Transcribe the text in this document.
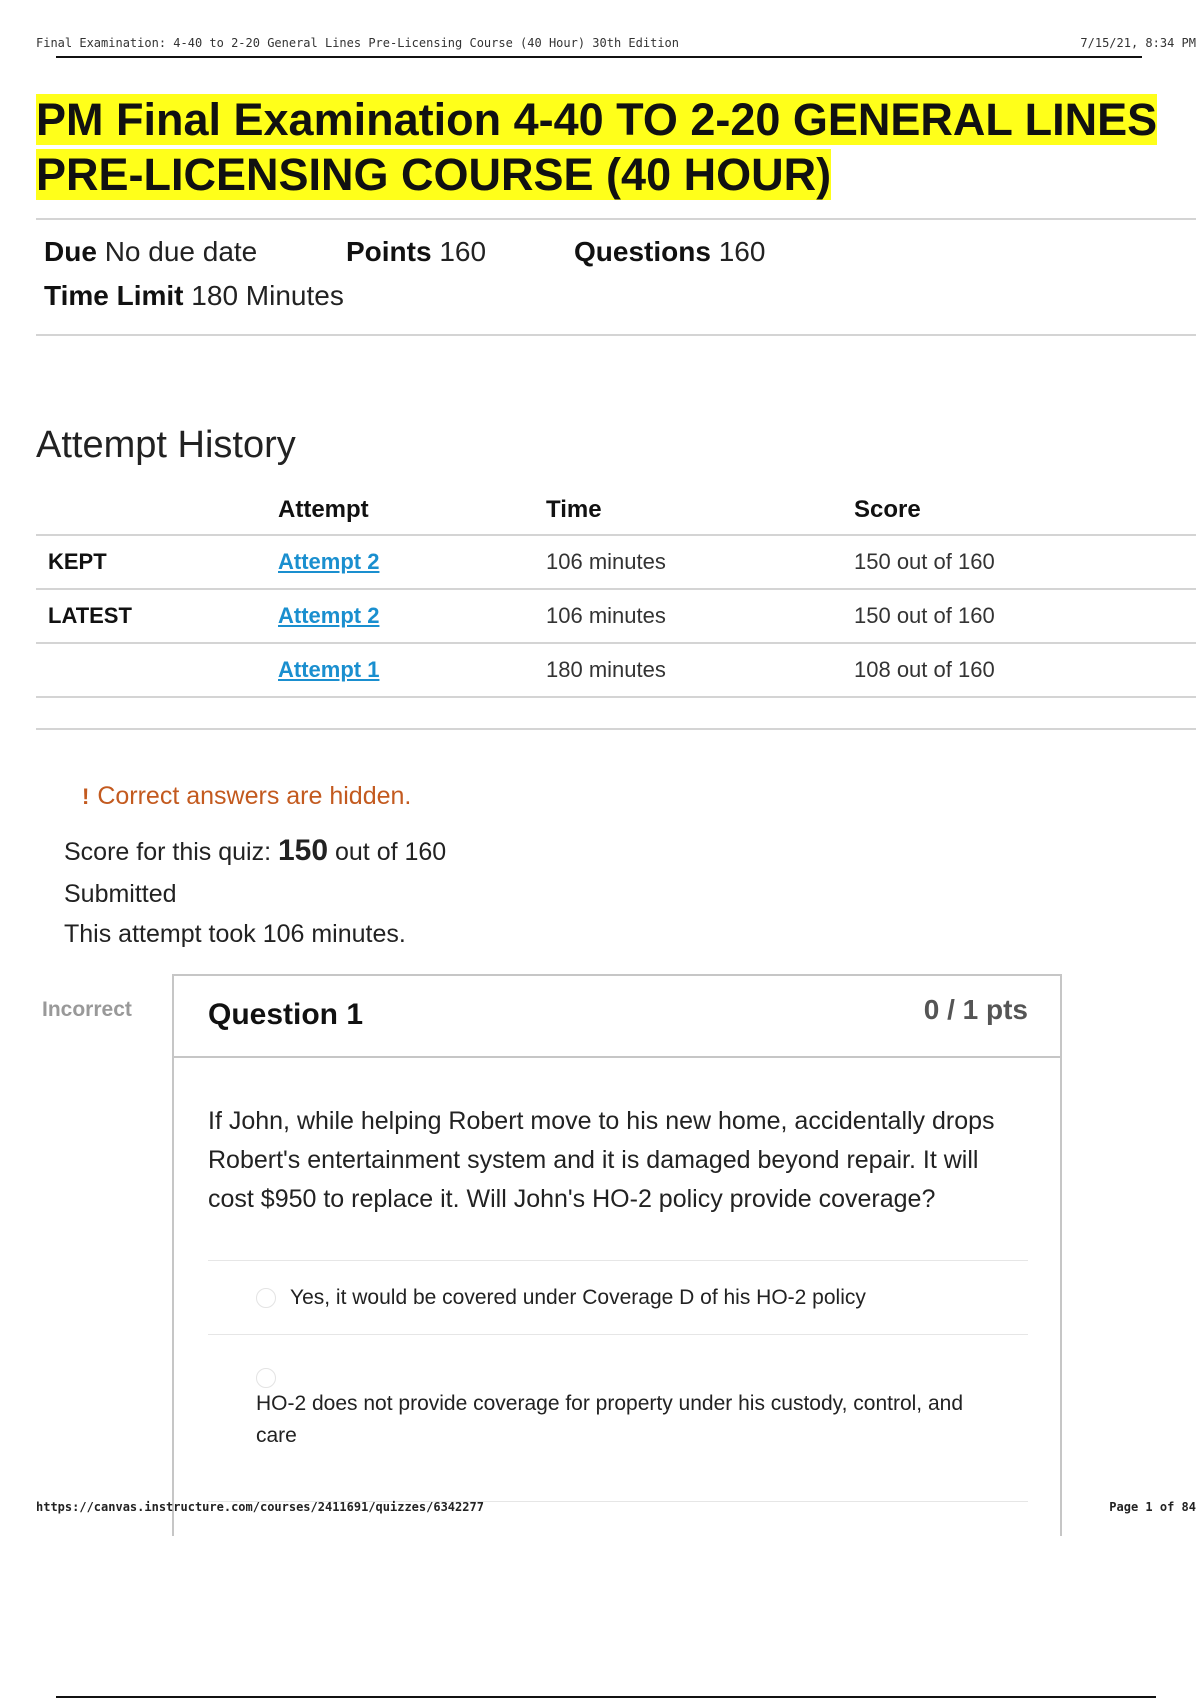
Final Examination: 4-40 to 2-20 General Lines Pre-Licensing Course (40 Hour) 30th Edition	7/15/21, 8:34 PM
PM Final Examination 4-40 TO 2-20 GENERAL LINES PRE-LICENSING COURSE (40 HOUR)
Due No due date	Points 160	Questions 160
Time Limit 180 Minutes
Attempt History
	Attempt	Time	Score
KEPT	Attempt 2	106 minutes	150 out of 160
LATEST	Attempt 2	106 minutes	150 out of 160
	Attempt 1	180 minutes	108 out of 160
! Correct answers are hidden.
Score for this quiz: 150 out of 160
Submitted
This attempt took 106 minutes.
Incorrect	Question 1	0 / 1 pts

If John, while helping Robert move to his new home, accidentally drops Robert's entertainment system and it is damaged beyond repair. It will cost $950 to replace it. Will John's HO-2 policy provide coverage?

Yes, it would be covered under Coverage D of his HO-2 policy
HO-2 does not provide coverage for property under his custody, control, and care
https://canvas.instructure.com/courses/2411691/quizzes/6342277	Page 1 of 84
